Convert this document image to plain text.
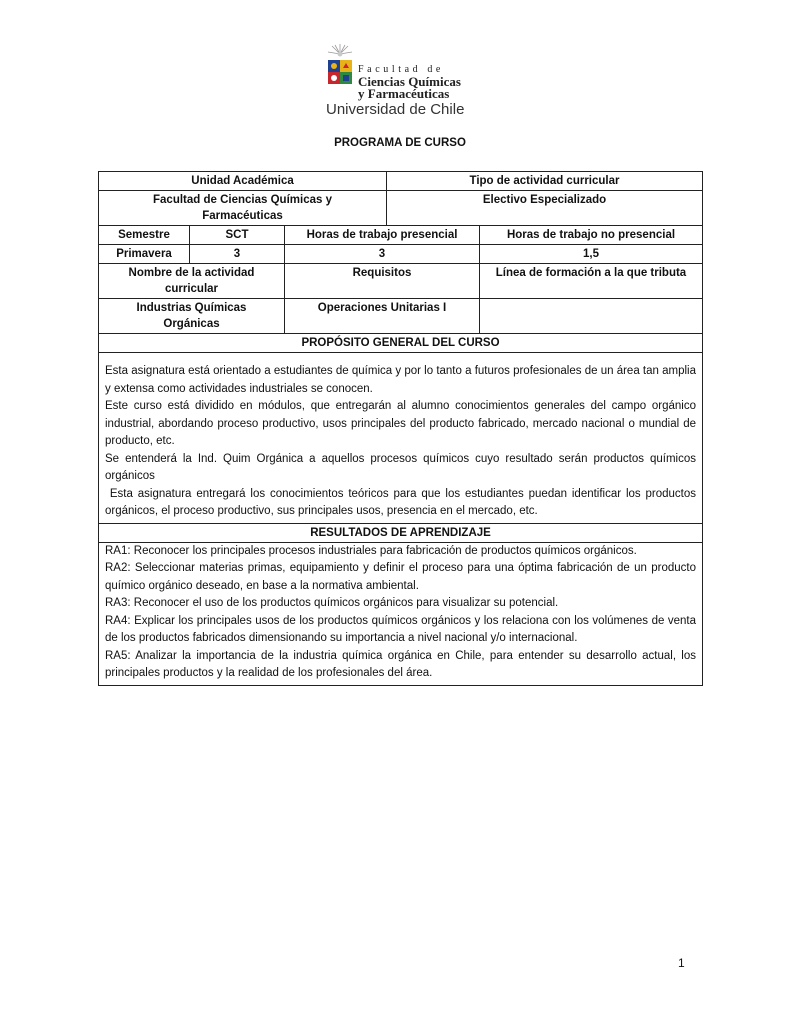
Facultad de
Ciencias Químicas
y Farmacéuticas
Universidad de Chile
PROGRAMA DE CURSO
Unidad Académica			Tipo de actividad curricular	
Facultad de Ciencias Químicas y Farmacéuticas			Electivo Especializado	
Semestre	SCT	Horas de trabajo presencial		Horas de trabajo no presencial
Primavera	3	3		1,5
Nombre de la actividad curricular		Requisitos		Línea de formación a la que tributa
Industrias Químicas Orgánicas		Operaciones Unitarias I		
PROPÓSITO GENERAL DEL CURSO				

Esta asignatura está orientado a estudiantes de química y por lo tanto a futuros profesionales de un área tan amplia y extensa como actividades industriales se conocen.

Este curso está dividido en módulos, que entregarán al alumno conocimientos generales del campo orgánico industrial, abordando proceso productivo, usos principales del producto fabricado, mercado nacional o mundial de producto, etc.

Se entenderá la Ind. Quim Orgánica a aquellos procesos químicos cuyo resultado serán productos químicos orgánicos

Esta asignatura entregará los conocimientos teóricos para que los estudiantes puedan identificar los productos orgánicos, el proceso productivo, sus principales usos, presencia en el mercado, etc.				

RESULTADOS DE APRENDIZAJE				

RA1: Reconocer los principales procesos industriales para fabricación de productos químicos orgánicos.

RA2: Seleccionar materias primas, equipamiento y definir el proceso para una óptima fabricación de un producto químico orgánico deseado, en base a la normativa ambiental.

RA3: Reconocer el uso de los productos químicos orgánicos para visualizar su potencial.

RA4: Explicar los principales usos de los productos químicos orgánicos y los relaciona con los volúmenes de venta de los productos fabricados dimensionando su importancia a nivel nacional y/o internacional.

RA5: Analizar la importancia de la industria química orgánica en Chile, para entender su desarrollo actual, los principales productos y la realidad de los profesionales del área.				

1
